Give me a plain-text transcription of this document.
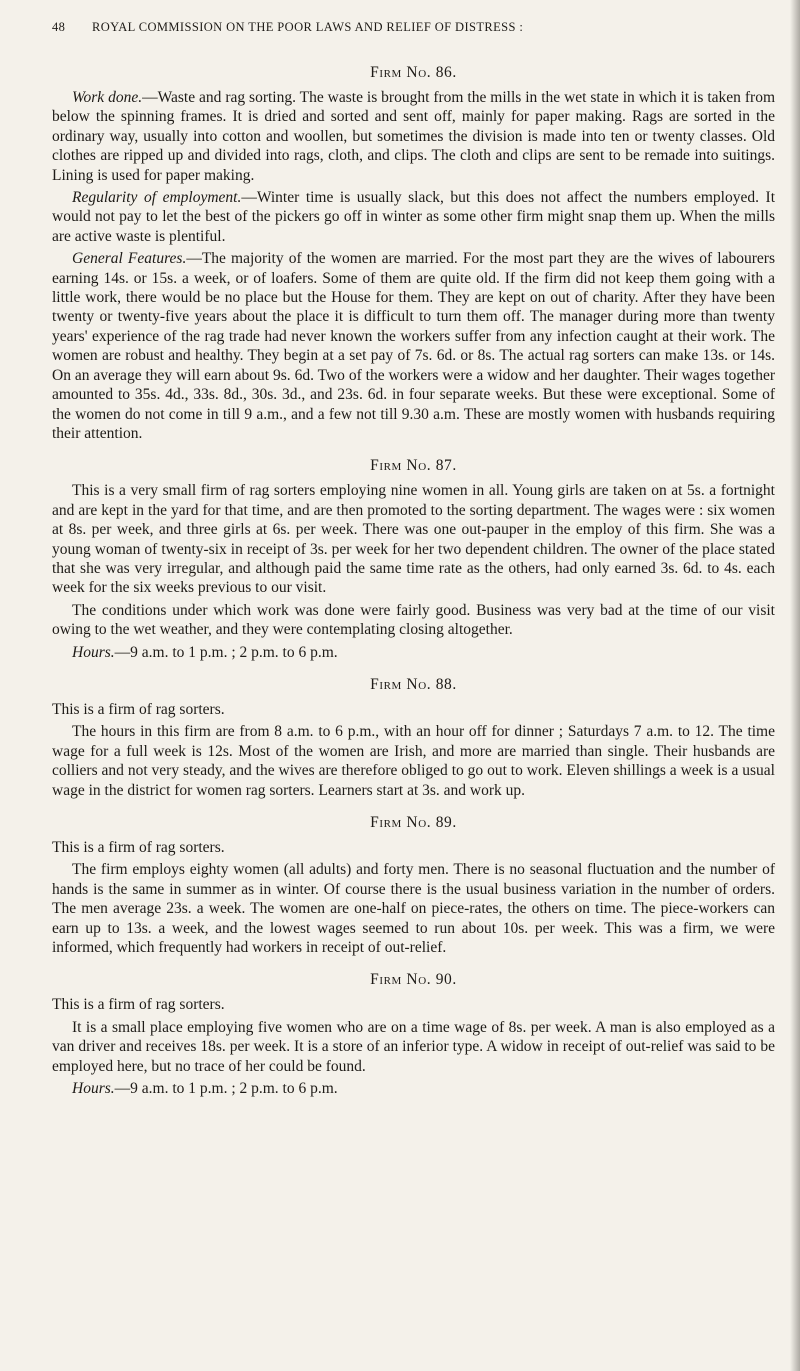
48	ROYAL COMMISSION ON THE POOR LAWS AND RELIEF OF DISTRESS :
Firm No. 86.

Work done.—Waste and rag sorting. The waste is brought from the mills in the wet state in which it is taken from below the spinning frames. It is dried and sorted and sent off, mainly for paper making. Rags are sorted in the ordinary way, usually into cotton and woollen, but sometimes the division is made into ten or twenty classes. Old clothes are ripped up and divided into rags, cloth, and clips. The cloth and clips are sent to be remade into suitings. Lining is used for paper making.

Regularity of employment.—Winter time is usually slack, but this does not affect the numbers employed. It would not pay to let the best of the pickers go off in winter as some other firm might snap them up. When the mills are active waste is plentiful.

General Features.—The majority of the women are married. For the most part they are the wives of labourers earning 14s. or 15s. a week, or of loafers. Some of them are quite old. If the firm did not keep them going with a little work, there would be no place but the House for them. They are kept on out of charity. After they have been twenty or twenty-five years about the place it is difficult to turn them off. The manager during more than twenty years' experience of the rag trade had never known the workers suffer from any infection caught at their work. The women are robust and healthy. They begin at a set pay of 7s. 6d. or 8s. The actual rag sorters can make 13s. or 14s. On an average they will earn about 9s. 6d. Two of the workers were a widow and her daughter. Their wages together amounted to 35s. 4d., 33s. 8d., 30s. 3d., and 23s. 6d. in four separate weeks. But these were exceptional. Some of the women do not come in till 9 a.m., and a few not till 9.30 a.m. These are mostly women with husbands requiring their attention.

Firm No. 87.

This is a very small firm of rag sorters employing nine women in all. Young girls are taken on at 5s. a fortnight and are kept in the yard for that time, and are then promoted to the sorting department. The wages were : six women at 8s. per week, and three girls at 6s. per week. There was one out-pauper in the employ of this firm. She was a young woman of twenty-six in receipt of 3s. per week for her two dependent children. The owner of the place stated that she was very irregular, and although paid the same time rate as the others, had only earned 3s. 6d. to 4s. each week for the six weeks previous to our visit.

The conditions under which work was done were fairly good. Business was very bad at the time of our visit owing to the wet weather, and they were contemplating closing altogether.

Hours.—9 a.m. to 1 p.m. ; 2 p.m. to 6 p.m.

Firm No. 88.

This is a firm of rag sorters.

The hours in this firm are from 8 a.m. to 6 p.m., with an hour off for dinner ; Saturdays 7 a.m. to 12. The time wage for a full week is 12s. Most of the women are Irish, and more are married than single. Their husbands are colliers and not very steady, and the wives are therefore obliged to go out to work. Eleven shillings a week is a usual wage in the district for women rag sorters. Learners start at 3s. and work up.

Firm No. 89.

This is a firm of rag sorters.

The firm employs eighty women (all adults) and forty men. There is no seasonal fluctuation and the number of hands is the same in summer as in winter. Of course there is the usual business variation in the number of orders. The men average 23s. a week. The women are one-half on piece-rates, the others on time. The piece-workers can earn up to 13s. a week, and the lowest wages seemed to run about 10s. per week. This was a firm, we were informed, which frequently had workers in receipt of out-relief.

Firm No. 90.

This is a firm of rag sorters.

It is a small place employing five women who are on a time wage of 8s. per week. A man is also employed as a van driver and receives 18s. per week. It is a store of an inferior type. A widow in receipt of out-relief was said to be employed here, but no trace of her could be found.

Hours.—9 a.m. to 1 p.m. ; 2 p.m. to 6 p.m.
